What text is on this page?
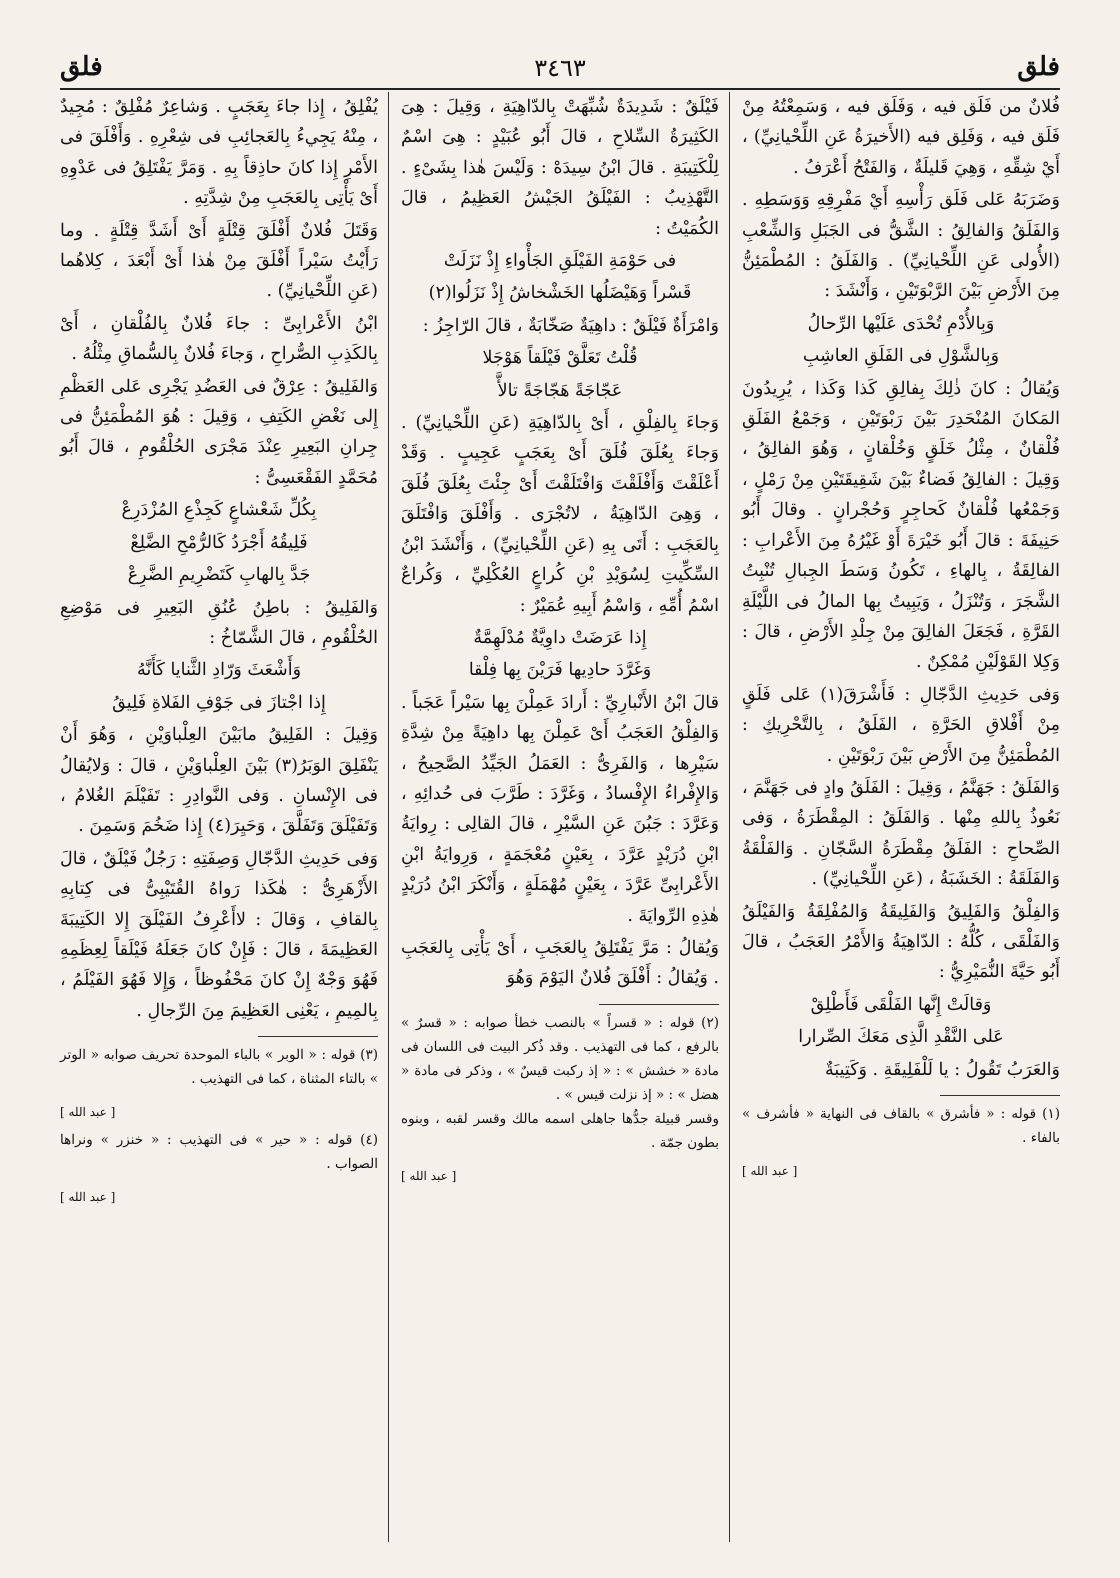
فلق
٣٤٦٣
فلق

فُلانٌ من فَلَق فيه ، وَفَلَق فيه ، وَسَمِعْتُهُ مِنْ فَلَق فيه ، وَفَلِق فيه (الأَخيرَةُ عَنِ اللِّحْيانِيِّ) ، أَيْ شِقِّهِ ، وَهِيَ قَليلَةٌ ، وَالفَتْحُ أَعْرَفُ .

وَضَرَبَهُ عَلى فَلَق رَأْسِهِ أَيْ مَفْرِقِهِ وَوَسَطِهِ . وَالفَلَقُ وَالفالِقُ : الشَّقُّ فى الجَبَلِ وَالشِّعْبِ (الأُولى عَنِ اللِّحْيانِيِّ) . وَالفَلَقُ : المُطْمَئِنُّ مِنَ الأَرْضِ بَيْنَ الرَّبْوَتَيْنِ ، وَأَنْشَدَ :

وَبِالأُدْمِ تُحْدَى عَلَيْها الرِّحالُ

وَبِالشَّوْلِ فى الفَلَقِ العاشِبِ

وَيُقالُ : كانَ ذٰلِكَ بِفالِقِ كَذا وَكَذا ، يُرِيدُونَ المَكانَ المُنْحَدِرَ بَيْنَ رَبْوَتَيْنِ ، وَجَمْعُ الفَلَقِ فُلْقانٌ ، مِثْلُ خَلَقٍ وَخُلْقانٍ ، وَهُوَ الفالِقُ ، وَقِيلَ : الفالِقُ فَضاءٌ بَيْنَ شَقِيقَتَيْنِ مِنْ رَمْلٍ ، وَجَمْعُها فُلْقانٌ كَحاجِرٍ وَحُجْرانٍ . وقالَ أَبُو حَنِيفَةَ : قالَ أَبُو خَيْرَةَ أَوْ غَيْرُهُ مِنَ الأَعْرابِ : الفالِقَةُ ، بِالهاءِ ، تَكُونُ وَسَطَ الجِبالِ تُنْبِتُ الشَّجَرَ ، وَتُنْزَلُ ، وَيَبِيتُ بِها المالُ فى اللَّيْلَةِ القَرَّةِ ، فَجَعَلَ الفالِقَ مِنْ جِلْدِ الأَرْضِ ، قالَ : وَكِلا القَوْلَيْنِ مُمْكِنٌ .

وَفى حَدِيثِ الدَّجّالِ : فَأَشْرَقَ(١) عَلى فَلَقٍ مِنْ أَفْلاقِ الحَرَّةِ ، الفَلَقُ ، بِالتَّحْرِيكِ : المُطْمَئِنُّ مِنَ الأَرْضِ بَيْنَ رَبْوَتَيْنِ .

وَالفَلَقُ : جَهَنَّمُ ، وَقِيلَ : الفَلَقُ وادٍ فى جَهَنَّمَ ، نَعُوذُ بِاللهِ مِنْها . وَالفَلَقُ : المِقْطَرَةُ ، وَفى الصِّحاحِ : الفَلَقُ مِقْطَرَةُ السَّجّانِ . وَالفَلْقَةُ وَالفَلَقَةُ : الخَشَبَةُ ، (عَنِ اللِّحْيانِيِّ) .

وَالفِلْقُ وَالفَلِيقُ وَالفَلِيقَةُ وَالمُفْلِقَةُ وَالفَيْلَقُ وَالفَلْقَى ، كُلُّهُ : الدّاهِيَةُ وَالأَمْرُ العَجَبُ ، قالَ أَبُو حَيَّةَ النُّمَيْرِيُّ :

وَقالَتْ إِنَّها الفَلْقَى فَأَطْلِقْ

عَلى النَّقْدِ الَّذِى مَعَكَ الصِّرارا

وَالعَرَبُ تَقُولُ : يا لَلْفَلِيقَةِ . وَكَتِيبَةٌ

(١) قوله : « فأشرق » بالقاف فى النهاية « فأشرف » بالفاء .

[ عبد الله ]

فَيْلَقٌ : شَدِيدَةٌ شُبِّهَتْ بِالدّاهِيَةِ ، وَقِيلَ : هِىَ الكَثِيرَةُ السِّلاحِ ، قالَ أَبُو عُبَيْدٍ : هِىَ اسْمٌ لِلْكَتِيبَةِ . قالَ ابْنُ سِيدَهْ : وَلَيْسَ هٰذا بِشَىْءٍ . التَّهْذِيبُ : الفَيْلَقُ الجَيْشُ العَظِيمُ ، قالَ الكُمَيْتُ :

فى حَوْمَةِ الفَيْلَقِ الجَأْواءِ إِذْ نَزَلَتْ

قَسْراً وَهَيْضَلُها الخَشْخاشُ إِذْ نَزَلُوا(٢)

وَامْرَأَةٌ فَيْلَقٌ : داهِيَةٌ صَخّابَةٌ ، قالَ الرّاجِزُ :

قُلْتُ تَعَلَّقْ فَيْلَقاً هَوْجَلا

عَجّاجَةً هَجّاجَةً تالأَّ

وَجاءَ بِالفِلْقِ ، أَىْ بِالدّاهِيَةِ (عَنِ اللِّحْيانِيِّ) . وَجاءَ بِعُلَقَ فُلَقَ أَىْ بِعَجَبٍ عَجِيبٍ . وَقَدْ أَعْلَقْتَ وَأَفْلَقْتَ وَافْتَلَقْتَ أَىْ جِئْتَ بِعُلَقَ فُلَقَ ، وَهِىَ الدّاهِيَةُ ، لاتُجْرَى . وَأَفْلَقَ وَافْتَلَقَ بِالعَجَبِ : أَتَى بِهِ (عَنِ اللِّحْيانِيِّ) ، وَأَنْشَدَ ابْنُ السِّكِّيتِ لِسُوَيْدِ بْنِ كُراعٍ العُكْلِيِّ ، وَكُراعٌ اسْمُ أُمِّهِ ، وَاسْمُ أَبِيهِ عُمَيْرٌ :

إِذا عَرَضَتْ داوِيَّةٌ مُدْلَهِمَّةٌ

وَغَرَّدَ حادِيها فَرَيْنَ بِها فِلْقا

قالَ ابْنُ الأَنْبارِيِّ : أَرادَ عَمِلْنَ بِها سَيْراً عَجَباً . وَالفِلْقُ العَجَبُ أَىْ عَمِلْنَ بِها داهِيَةً مِنْ شِدَّةِ سَيْرِها ، وَالفَرِىُّ : العَمَلُ الجَيِّدُ الصَّحِيحُ ، وَالإِفْراءُ الإِفْسادُ ، وَغَرَّدَ : طَرَّبَ فى حُدائِهِ ، وَعَرَّدَ : جَبُنَ عَنِ السَّيْرِ ، قالَ القالِى : رِوايَةُ ابْنِ دُرَيْدٍ عَرَّدَ ، بِعَيْنٍ مُعْجَمَةٍ ، وَرِوايَةُ ابْنِ الأَعْرابِىِّ عَرَّدَ ، بِعَيْنٍ مُهْمَلَةٍ ، وَأَنْكَرَ ابْنُ دُرَيْدٍ هٰذِهِ الرِّوايَةَ .

وَيُقالُ : مَرَّ يَفْتَلِقُ بِالعَجَبِ ، أَىْ يَأْتِى بِالعَجَبِ . وَيُقالُ : أَفْلَقَ فُلانٌ اليَوْمَ وَهُوَ

(٢) قوله : « قسراً » بالنصب خطأ صوابه : « قسرٌ » بالرفع ، كما فى التهذيب . وقد ذُكر البيت فى اللسان فى مادة « خشش » : « إذ ركبت قيسٌ » ، وذكر فى مادة « هضل » : « إذ نزلت قيس » .

وقسر قبيلة جدُّها جاهلى اسمه مالك وقسر لقبه ، وبنوه بطون جمّة .

[ عبد الله ]

يُفْلِقُ ، إِذا جاءَ بِعَجَبٍ . وَشاعِرٌ مُفْلِقٌ : مُجِيدٌ ، مِنْهُ يَجِيءُ بِالعَجائِبِ فى شِعْرِهِ . وَأَفْلَقَ فى الأَمْرِ إِذا كانَ حاذِقاً بِهِ . وَمَرَّ يَفْتَلِقُ فى عَدْوِهِ أَىْ يَأْتِى بِالعَجَبِ مِنْ شِدَّتِهِ .

وَقَتَلَ فُلانٌ أَفْلَقَ قِتْلَةٍ أَىْ أَشَدَّ قِتْلَةٍ . وما رَأَيْتُ سَيْراً أَفْلَقَ مِنْ هٰذا أَىْ أَبْعَدَ ، كِلاهُما (عَنِ اللِّحْيانِيِّ) .

ابْنُ الأَعْرابِىِّ : جاءَ فُلانٌ بِالفُلْقانِ ، أَىْ بِالكَذِبِ الصُّراحِ ، وَجاءَ فُلانٌ بِالسُّماقِ مِثْلُهُ .

وَالفَلِيقُ : عِرْقٌ فى العَضُدِ يَجْرِى عَلى العَظْمِ إِلى نَغْضِ الكَتِفِ ، وَقِيلَ : هُوَ المُطْمَئِنُّ فى جِرانِ البَعِيرِ عِنْدَ مَجْرَى الحُلْقُومِ ، قالَ أَبُو مُحَمَّدٍ الفَقْعَسِىُّ :

بِكُلِّ شَعْشاعٍ كَجِذْعِ المُزْدَرِعْ

فَلِيقُهُ أَجْرَدُ كَالرُّمْحِ الضَّلِعْ

جَدَّ بِالهابِ كَتَضْرِيمِ الضَّرِعْ

وَالفَلِيقُ : باطِنُ عُنُقِ البَعِيرِ فى مَوْضِعِ الحُلْقُومِ ، قالَ الشَّمّاخُ :

وَأَشْعَثَ وَرّادِ الثَّنايا كَأَنَّهُ

إِذا اجْتازَ فى جَوْفِ الفَلاةِ فَلِيقُ

وَقِيلَ : الفَلِيقُ مابَيْنَ العِلْباوَيْنِ ، وَهُوَ أَنْ يَنْفَلِقَ الوَبَرُ(٣) بَيْنَ العِلْباوَيْنِ ، قالَ : وَلايُقالُ فى الإِنْسانِ . وَفى النَّوادِرِ : تَفَيْلَمَ الغُلامُ ، وَتَفَيْلَقَ وَتَفَلَّقَ ، وَحَيِرَ(٤) إِذا ضَخُمَ وَسَمِنَ .

وَفى حَدِيثِ الدَّجّالِ وَصِفَتِهِ : رَجُلٌ فَيْلَقٌ ، قالَ الأَزْهَرِىُّ : هٰكَذا رَواهُ القُتَيْبِىُّ فى كِتابِهِ بِالقافِ ، وَقالَ : لاأَعْرِفُ الفَيْلَقَ إِلا الكَتِيبَةَ العَظِيمَةَ ، قالَ : فَإِنْ كانَ جَعَلَهُ فَيْلَقاً لِعِظَمِهِ فَهُوَ وَجْهٌ إِنْ كانَ مَحْفُوظاً ، وَإِلا فَهُوَ الفَيْلَمُ ، بِالمِيمِ ، يَعْنِى العَظِيمَ مِنَ الرِّجالِ .

(٣) قوله : « الوبر » بالباء الموحدة تحريف صوابه « الوتر » بالتاء المثناة ، كما فى التهذيب .

[ عبد الله ]

(٤) قوله : « حير » فى التهذيب : « خنزر » ونراها الصواب .

[ عبد الله ]
